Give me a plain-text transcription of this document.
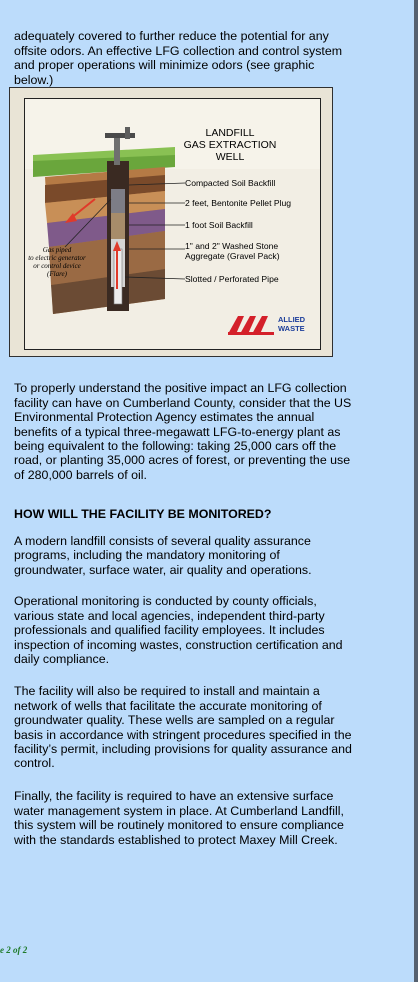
adequately covered to further reduce the potential for any offsite odors. An effective LFG collection and control system and proper operations will minimize odors (see graphic below.)

LANDFILL
GAS EXTRACTION
WELL
Compacted Soil Backfill
2 feet, Bentonite Pellet Plug
1 foot Soil Backfill
1" and 2" Washed Stone
Aggregate (Gravel Pack)
Slotted / Perforated Pipe
Gas piped
to electric generator
or control device
(Flare)
ALLIED
WASTE

To properly understand the positive impact an LFG collection facility can have on Cumberland County, consider that the US Environmental Protection Agency estimates the annual benefits of a typical three-megawatt LFG-to-energy plant as being equivalent to the following: taking 25,000 cars off the road, or planting 35,000 acres of forest, or preventing the use of 280,000 barrels of oil.

HOW WILL THE FACILITY BE MONITORED?

A modern landfill consists of several quality assurance programs, including the mandatory monitoring of groundwater, surface water, air quality and operations.

Operational monitoring is conducted by county officials, various state and local agencies, independent third-party professionals and qualified facility employees. It includes inspection of incoming wastes, construction certification and daily compliance.

The facility will also be required to install and maintain a network of wells that facilitate the accurate monitoring of groundwater quality. These wells are sampled on a regular basis in accordance with stringent procedures specified in the facility’s permit, including provisions for quality assurance and control.

Finally, the facility is required to have an extensive surface water management system in place. At Cumberland Landfill, this system will be routinely monitored to ensure compliance with the standards established to protect Maxey Mill Creek.

e 2 of 2
